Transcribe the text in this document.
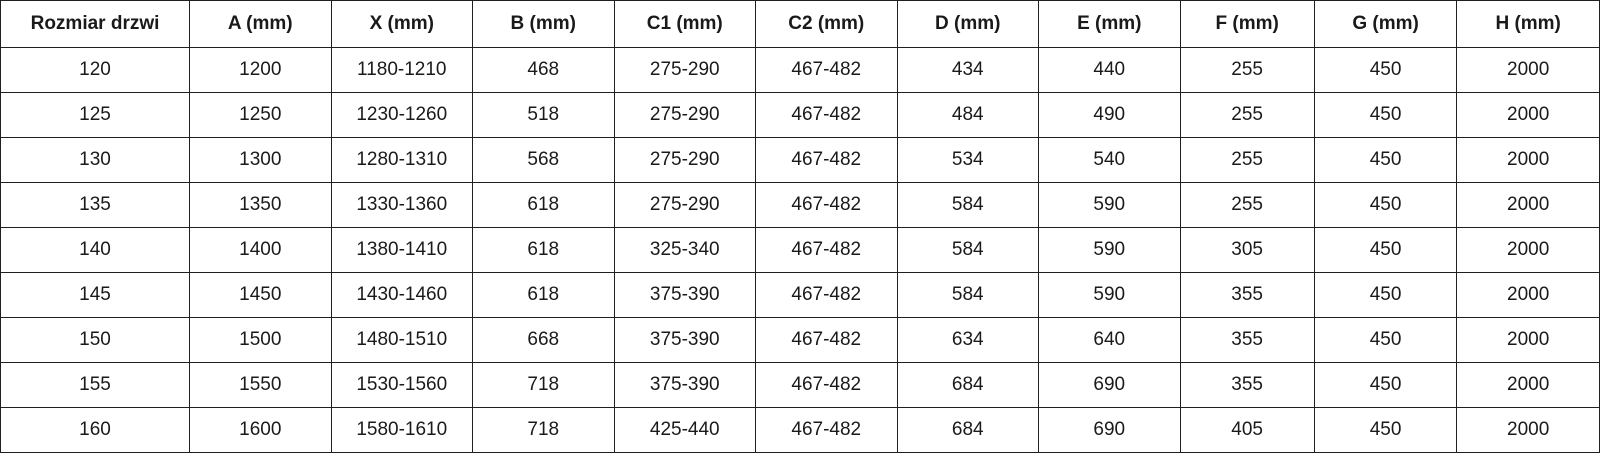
Rozmiar drzwi	A (mm)	X (mm)	B (mm)	C1 (mm)	C2 (mm)	D (mm)	E (mm)	F (mm)	G (mm)	H (mm)
120	1200	1180-1210	468	275-290	467-482	434	440	255	450	2000
125	1250	1230-1260	518	275-290	467-482	484	490	255	450	2000
130	1300	1280-1310	568	275-290	467-482	534	540	255	450	2000
135	1350	1330-1360	618	275-290	467-482	584	590	255	450	2000
140	1400	1380-1410	618	325-340	467-482	584	590	305	450	2000
145	1450	1430-1460	618	375-390	467-482	584	590	355	450	2000
150	1500	1480-1510	668	375-390	467-482	634	640	355	450	2000
155	1550	1530-1560	718	375-390	467-482	684	690	355	450	2000
160	1600	1580-1610	718	425-440	467-482	684	690	405	450	2000
